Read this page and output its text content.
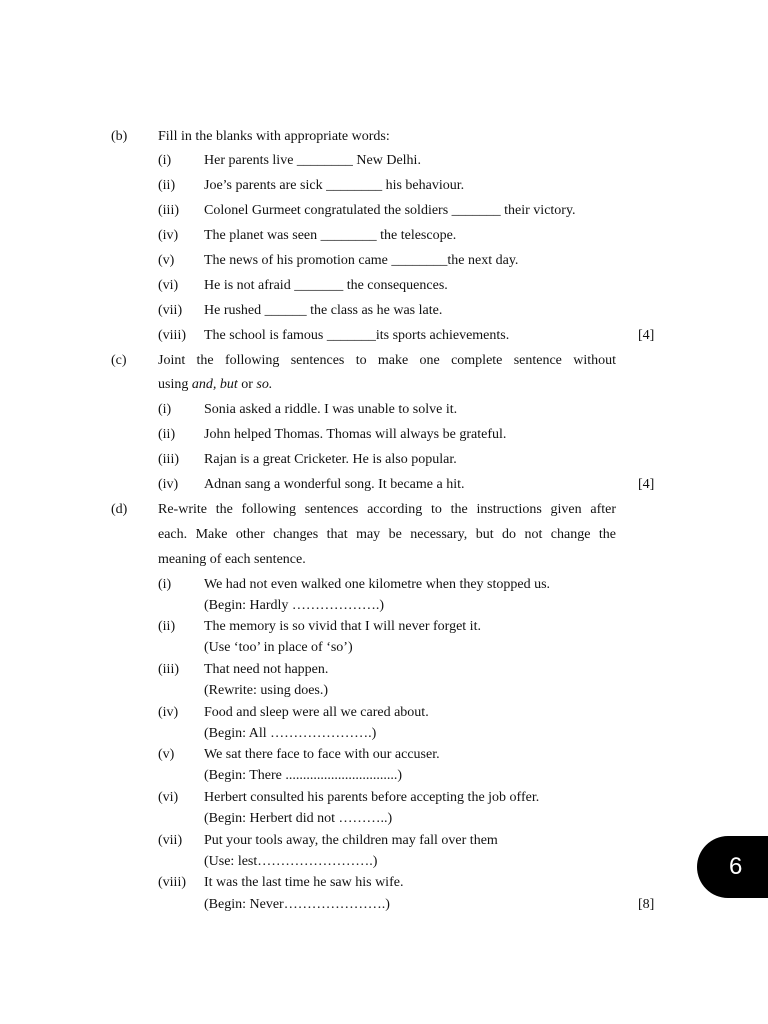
(b) Fill in the blanks with appropriate words:
(i) Her parents live ________ New Delhi.
(ii) Joe’s parents are sick ________ his behaviour.
(iii) Colonel Gurmeet congratulated the soldiers _______ their victory.
(iv) The planet was seen ________ the telescope.
(v) The news of his promotion came ________the next day.
(vi) He is not afraid _______ the consequences.
(vii) He rushed ______ the class as he was late.
(viii) The school is famous _______its sports achievements.	[4]
(c) Joint the following sentences to make one complete sentence without
using and, but or so.
(i) Sonia asked a riddle. I was unable to solve it.
(ii) John helped Thomas. Thomas will always be grateful.
(iii) Rajan is a great Cricketer. He is also popular.
(iv) Adnan sang a wonderful song. It became a hit.	[4]
(d) Re-write the following sentences according to the instructions given after
each. Make other changes that may be necessary, but do not change the
meaning of each sentence.
(i) We had not even walked one kilometre when they stopped us.
(Begin: Hardly ……………….)
(ii) The memory is so vivid that I will never forget it.
(Use ‘too’ in place of ‘so’)
(iii) That need not happen.
(Rewrite: using does.)
(iv) Food and sleep were all we cared about.
(Begin: All ………………….)
(v) We sat there face to face with our accuser.
(Begin: There ................................)
(vi) Herbert consulted his parents before accepting the job offer.
(Begin: Herbert did not ………..)
(vii) Put your tools away, the children may fall over them
(Use: lest…………………….)
(viii) It was the last time he saw his wife.
(Begin: Never………………….)	[8]
6
